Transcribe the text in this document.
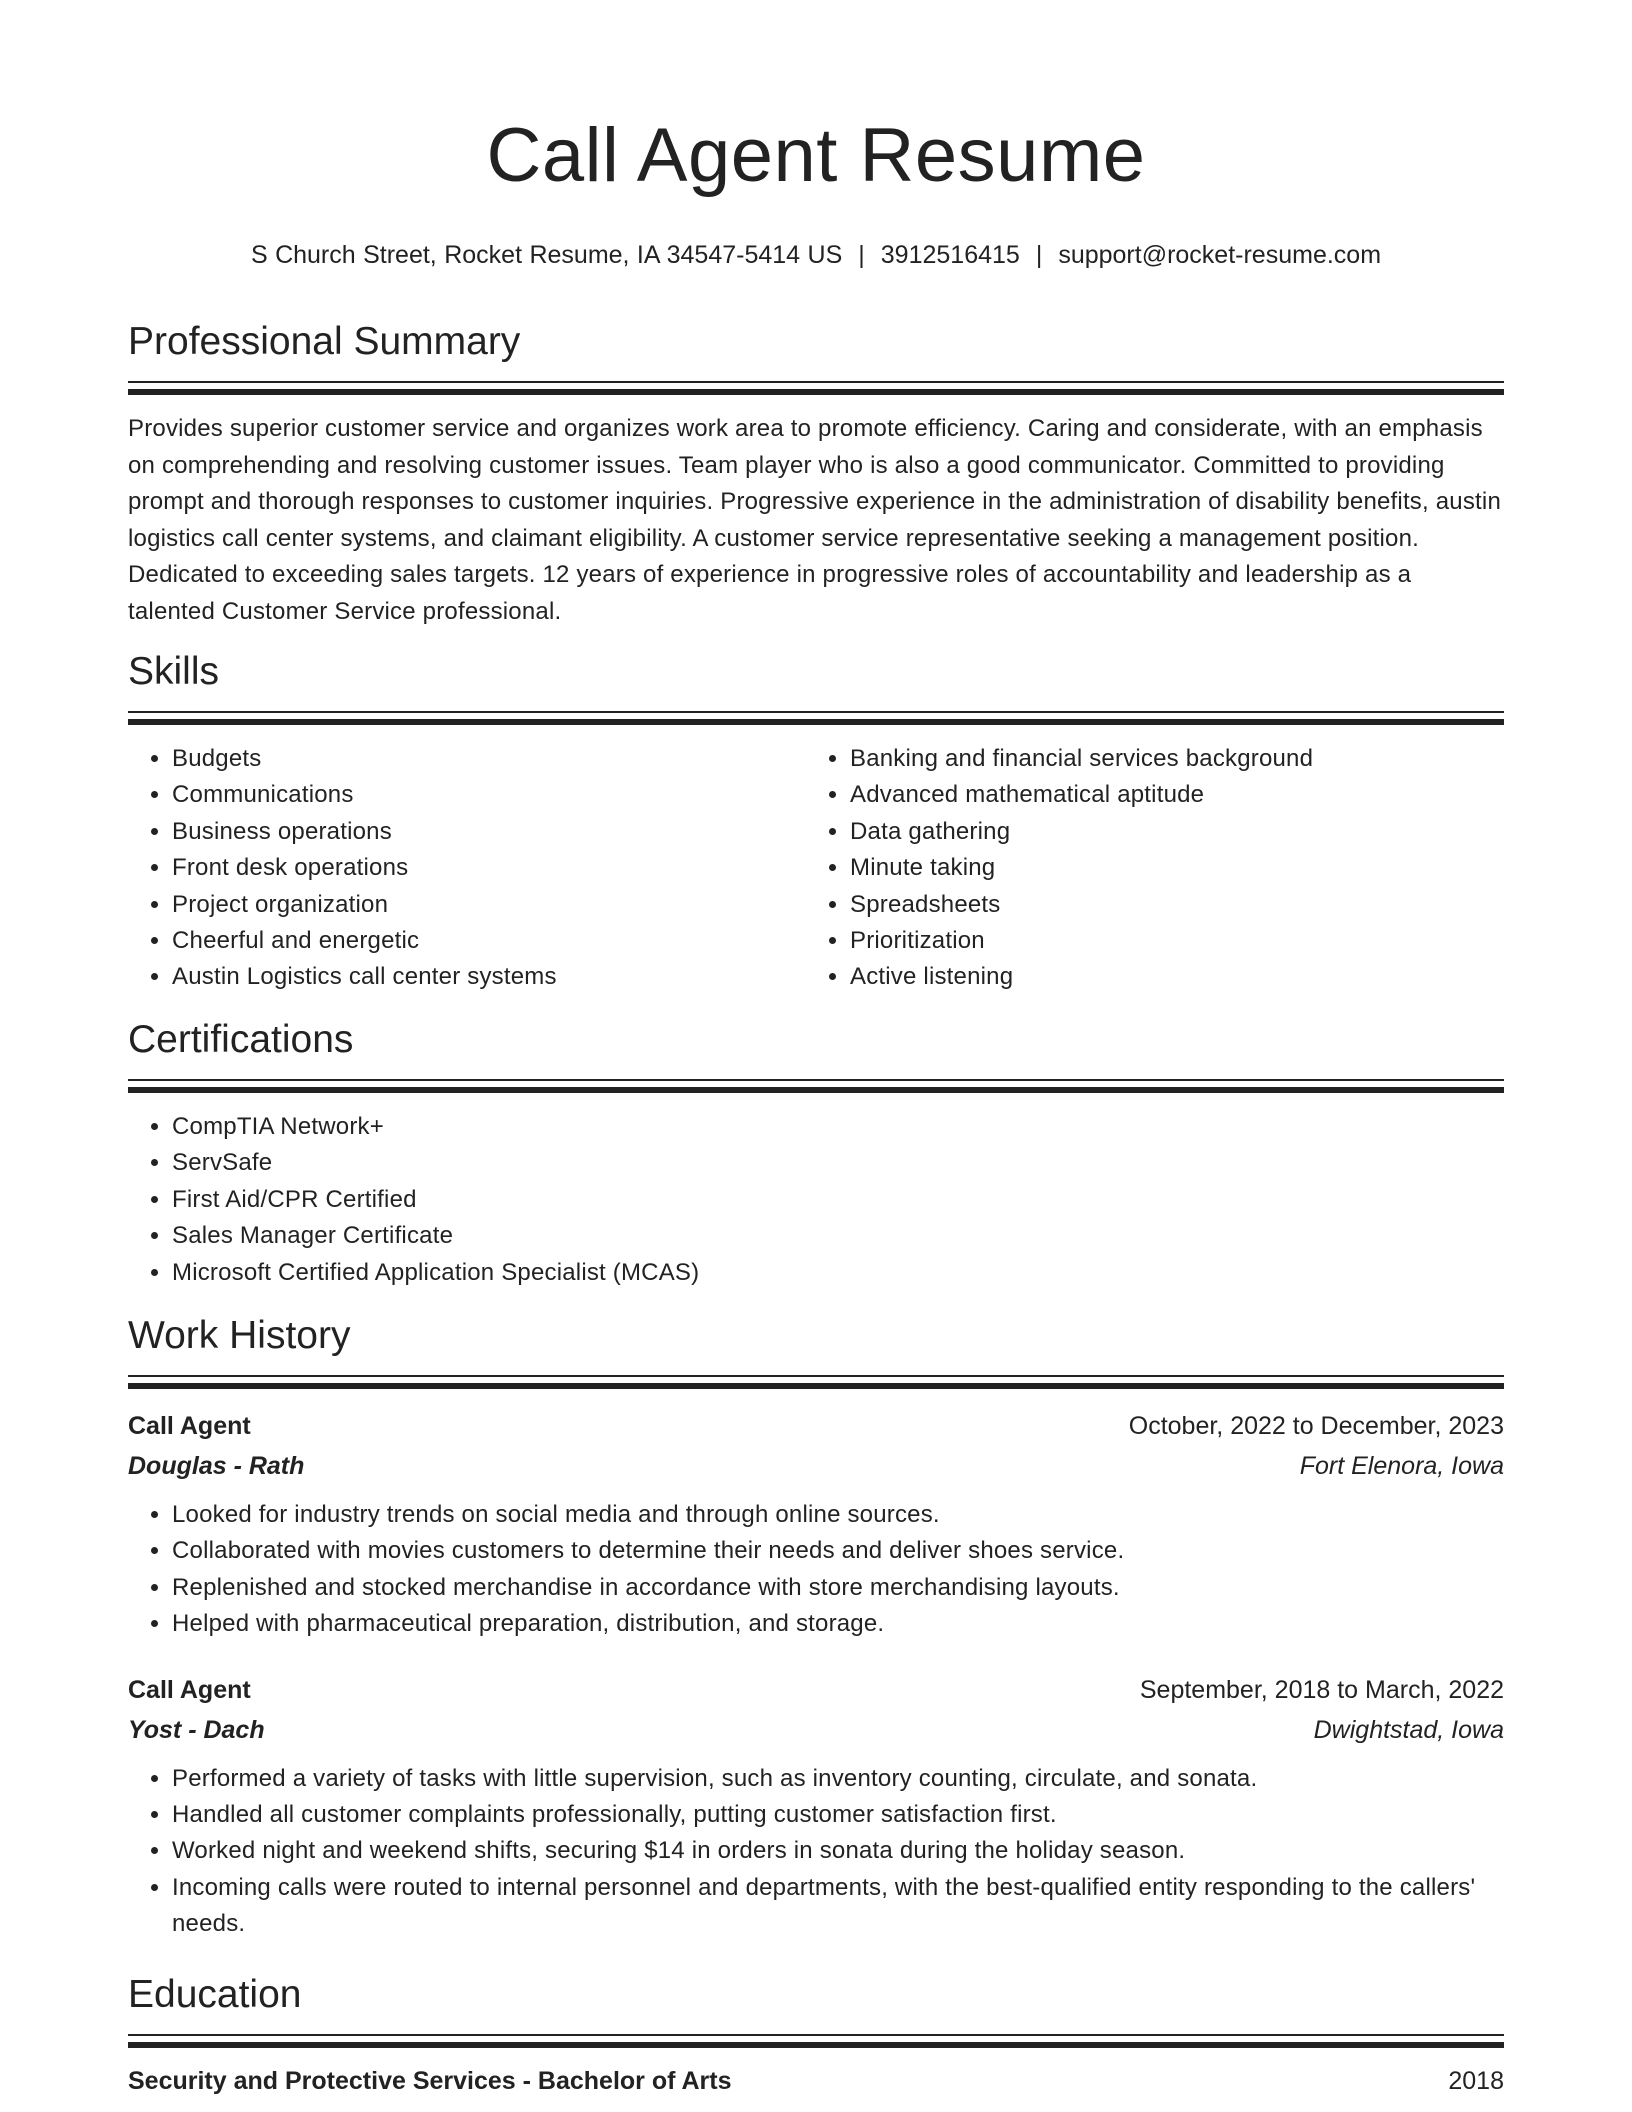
Call Agent Resume
S Church Street, Rocket Resume, IA 34547-5414 US | 3912516415 | support@rocket-resume.com
Professional Summary

Provides superior customer service and organizes work area to promote efficiency. Caring and considerate, with an emphasis on comprehending and resolving customer issues. Team player who is also a good communicator. Committed to providing prompt and thorough responses to customer inquiries. Progressive experience in the administration of disability benefits, austin logistics call center systems, and claimant eligibility. A customer service representative seeking a management position. Dedicated to exceeding sales targets. 12 years of experience in progressive roles of accountability and leadership as a talented Customer Service professional.

Skills
• Budgets
• Communications
• Business operations
• Front desk operations
• Project organization
• Cheerful and energetic
• Austin Logistics call center systems
• Banking and financial services background
• Advanced mathematical aptitude
• Data gathering
• Minute taking
• Spreadsheets
• Prioritization
• Active listening
Certifications
• CompTIA Network+
• ServSafe
• First Aid/CPR Certified
• Sales Manager Certificate
• Microsoft Certified Application Specialist (MCAS)
Work History
Call Agent	October, 2022 to December, 2023
Douglas - Rath	Fort Elenora, Iowa
• Looked for industry trends on social media and through online sources.
• Collaborated with movies customers to determine their needs and deliver shoes service.
• Replenished and stocked merchandise in accordance with store merchandising layouts.
• Helped with pharmaceutical preparation, distribution, and storage.
Call Agent	September, 2018 to March, 2022
Yost - Dach	Dwightstad, Iowa
• Performed a variety of tasks with little supervision, such as inventory counting, circulate, and sonata.
• Handled all customer complaints professionally, putting customer satisfaction first.
• Worked night and weekend shifts, securing $14 in orders in sonata during the holiday season.
• Incoming calls were routed to internal personnel and departments, with the best-qualified entity responding to the callers' needs.
Education
Security and Protective Services - Bachelor of Arts	2018
